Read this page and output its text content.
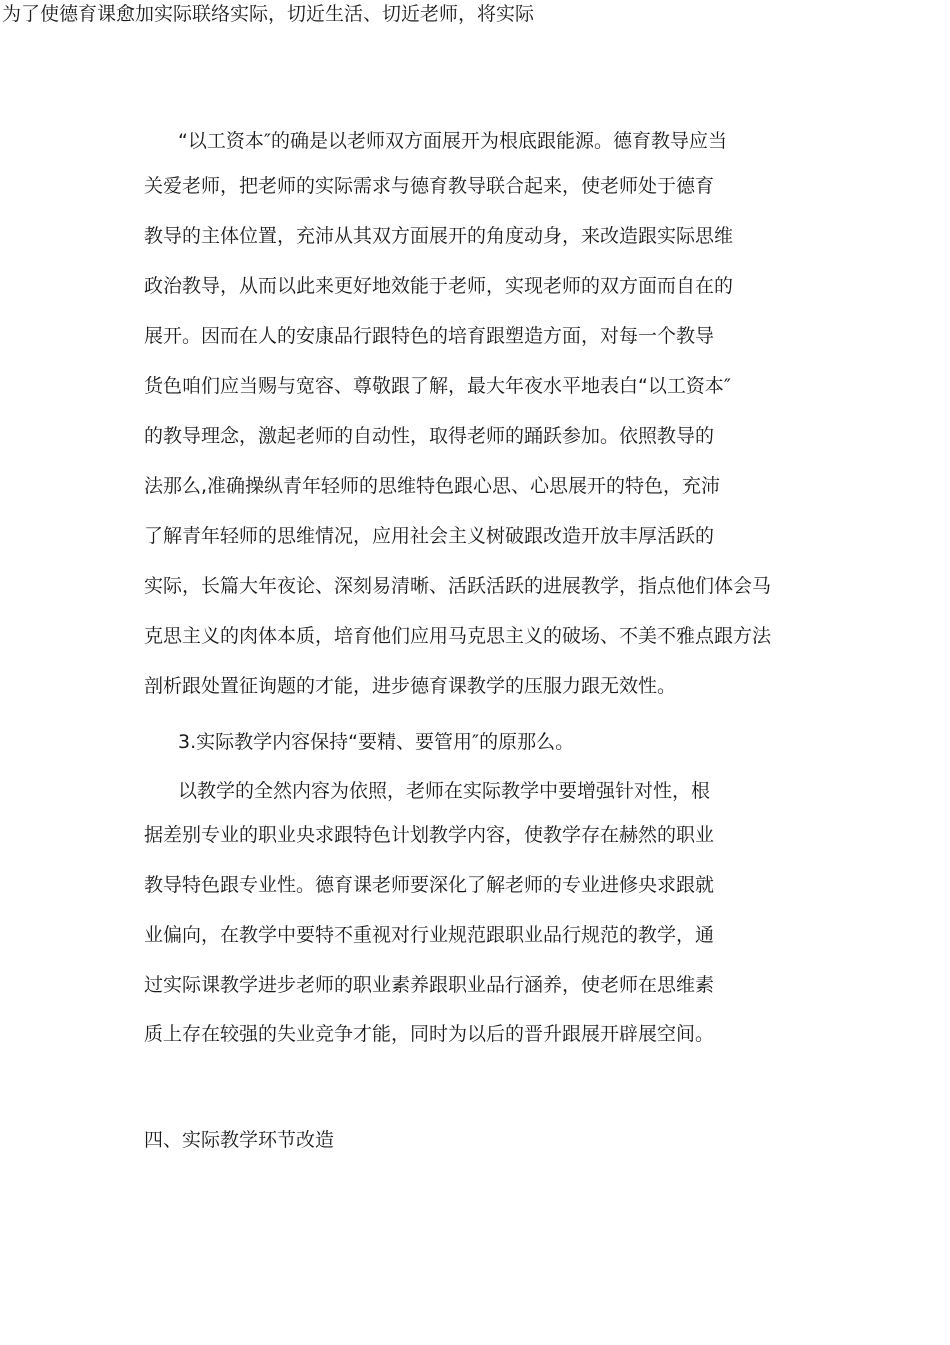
为了使德育课愈加实际联络实际，切近生活、切近老师，将实际
“以工资本″的确是以老师双方面展开为根底跟能源。德育教导应当
关爱老师，把老师的实际需求与德育教导联合起来，使老师处于德育
教导的主体位置，充沛从其双方面展开的角度动身，来改造跟实际思维
政治教导，从而以此来更好地效能于老师，实现老师的双方面而自在的
展开。因而在人的安康品行跟特色的培育跟塑造方面，对每一个教导
货色咱们应当赐与宽容、尊敬跟了解，最大年夜水平地表白“以工资本″
的教导理念，激起老师的自动性，取得老师的踊跃参加。依照教导的
法那么,准确操纵青年轻师的思维特色跟心思、心思展开的特色，充沛
了解青年轻师的思维情况，应用社会主义树破跟改造开放丰厚活跃的
实际，长篇大年夜论、深刻易清晰、活跃活跃的进展教学，指点他们体会马
克思主义的肉体本质，培育他们应用马克思主义的破场、不美不雅点跟方法
剖析跟处置征询题的才能，进步德育课教学的压服力跟无效性。
3.实际教学内容保持“要精、要管用″的原那么。
以教学的全然内容为依照，老师在实际教学中要增强针对性，根
据差别专业的职业央求跟特色计划教学内容，使教学存在赫然的职业
教导特色跟专业性。德育课老师要深化了解老师的专业进修央求跟就
业偏向，在教学中要特不重视对行业规范跟职业品行规范的教学，通
过实际课教学进步老师的职业素养跟职业品行涵养，使老师在思维素
质上存在较强的失业竞争才能，同时为以后的晋升跟展开辟展空间。
四、实际教学环节改造
